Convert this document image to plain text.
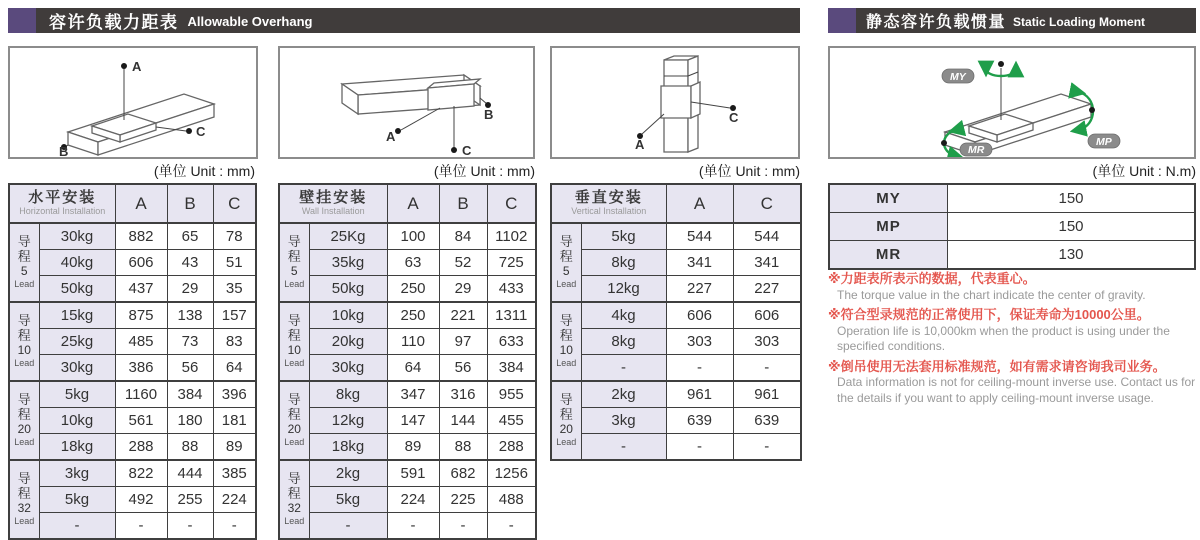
容许负载力距表 Allowable Overhang	静态容许负载惯量 Static Loading Moment
A
C
B
A
C
B
A
C
MY
MP
MR
(单位 Unit : mm)	(单位 Unit : mm)	(单位 Unit : mm)	(单位 Unit : N.m)
水平安装
Horizontal Installation		A	B	C

导
程
5
Lead	30kg	882	65	78
	40kg	606	43	51
	50kg	437	29	35

导
程
10
Lead	15kg	875	138	157
	25kg	485	73	83
	30kg	386	56	64

导
程
20
Lead	5kg	1160	384	396
	10kg	561	180	181
	18kg	288	88	89

导
程
32
Lead	3kg	822	444	385
	5kg	492	255	224
	-	-	-	-
壁挂安装
Wall Installation		A	B	C

导
程
5
Lead	25Kg	100	84	1102
	35kg	63	52	725
	50kg	250	29	433

导
程
10
Lead	10kg	250	221	1311
	20kg	110	97	633
	30kg	64	56	384

导
程
20
Lead	8kg	347	316	955
	12kg	147	144	455
	18kg	89	88	288

导
程
32
Lead	2kg	591	682	1256
	5kg	224	225	488
	-	-	-	-
垂直安装
Vertical Installation		A	C

导
程
5
Lead	5kg	544	544
	8kg	341	341
	12kg	227	227

导
程
10
Lead	4kg	606	606
	8kg	303	303
	-	-	-

导
程
20
Lead	2kg	961	961
	3kg	639	639
	-	-	-
MY	150
MP	150
MR	130
※力距表所表示的数据，代表重心。
The torque value in the chart indicate the center of gravity.
※符合型录规范的正常使用下，保证寿命为10000公里。
Operation life is 10,000km when the product is using under the specified conditions.
※倒吊使用无法套用标准规范，如有需求请咨询我司业务。
Data information is not for ceiling-mount inverse use. Contact us for the details if you want to apply ceiling-mount inverse usage.
